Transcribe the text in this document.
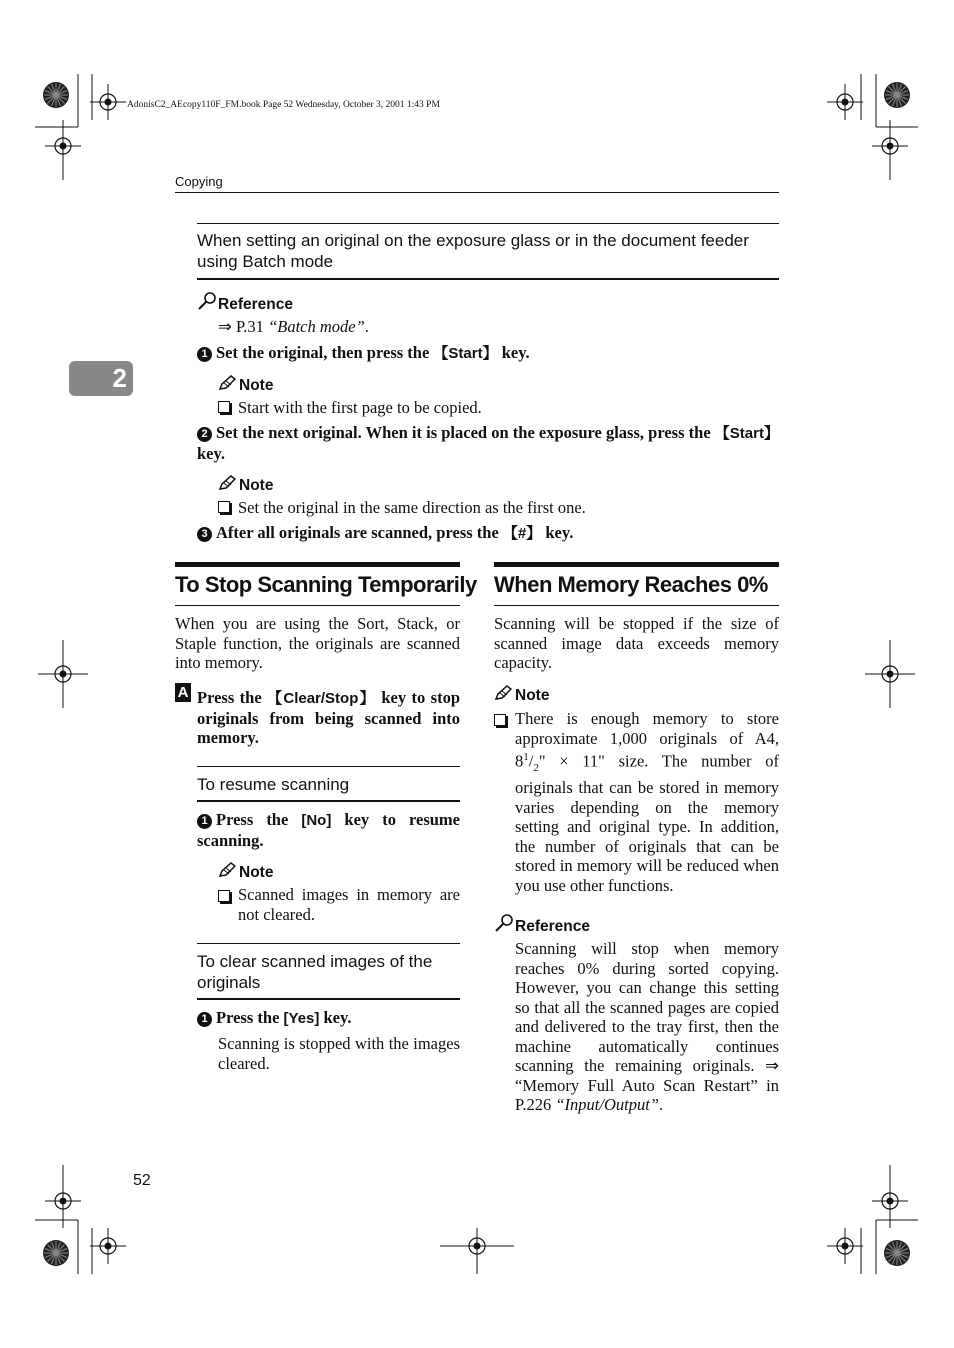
AdonisC2_AEcopy110F_FM.book Page 52 Wednesday, October 3, 2001 1:43 PM
Copying
2
When setting an original on the exposure glass or in the document feeder using Batch mode
Reference
⇒ P.31 “Batch mode”.
1 Set the original, then press the 【Start】 key.
Note
Start with the first page to be copied.
2 Set the next original. When it is placed on the exposure glass, press the 【Start】 key.
Note
Set the original in the same direction as the first one.
3 After all originals are scanned, press the 【#】 key.
To Stop Scanning Temporarily
When you are using the Sort, Stack, or Staple function, the originals are scanned into memory.
A Press the 【Clear/Stop】 key to stop originals from being scanned into memory.
To resume scanning
1 Press the [No] key to resume scanning.
Note
Scanned images in memory are not cleared.
To clear scanned images of the originals
1 Press the [Yes] key.
Scanning is stopped with the images cleared.
When Memory Reaches 0%
Scanning will be stopped if the size of scanned image data exceeds memory capacity.
Note
There is enough memory to store approximate 1,000 originals of A4, $8^1/_2$" × 11" size. The number of originals that can be stored in memory varies depending on the memory setting and original type. In addition, the number of originals that can be stored in memory will be reduced when you use other functions.
Reference
Scanning will stop when memory reaches 0% during sorted copying. However, you can change this setting so that all the scanned pages are copied and delivered to the tray first, then the machine automatically continues scanning the remaining originals. ⇒ “Memory Full Auto Scan Restart” in P.226 “Input/Output”.
52
